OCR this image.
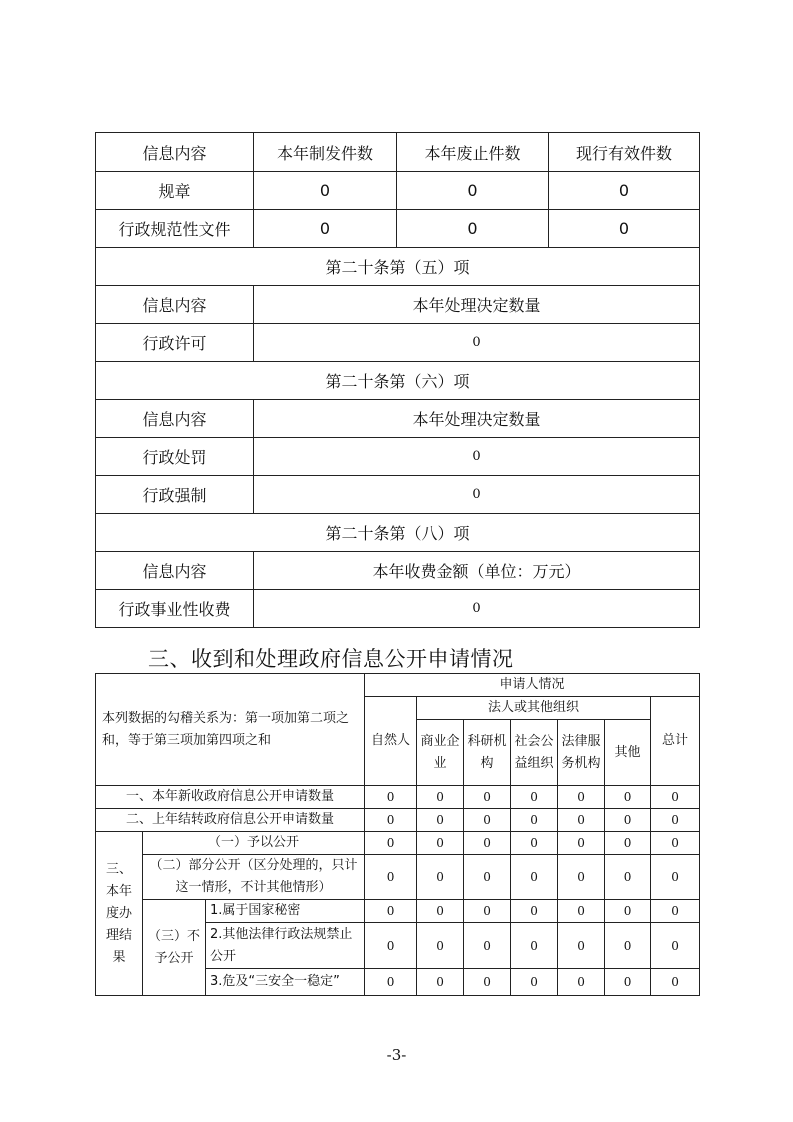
信息内容	本年制发件数	本年废止件数	现行有效件数
规章	0	0	0
行政规范性文件	0	0	0
第二十条第（五）项			
信息内容	本年处理决定数量		
行政许可	0		
第二十条第（六）项			
信息内容	本年处理决定数量		
行政处罚	0		
行政强制	0		
第二十条第（八）项			
信息内容	本年收费金额（单位：万元）		
行政事业性收费	0		
三、收到和处理政府信息公开申请情况
本列数据的勾稽关系为：第一项加第二项之和，等于第三项加第四项之和			申请人情况						
			自然人	法人或其他组织					总计
				商业企业	科研机构	社会公益组织	法律服务机构	其他	
一、本年新收政府信息公开申请数量			0	0	0	0	0	0	0
二、上年结转政府信息公开申请数量			0	0	0	0	0	0	0
三、本年度办理结果	（一）予以公开		0	0	0	0	0	0	0
	（二）部分公开（区分处理的，只计这一情形，不计其他情形）		0	0	0	0	0	0	0
	（三）不予公开	1.属于国家秘密	0	0	0	0	0	0	0
		2.其他法律行政法规禁止公开	0	0	0	0	0	0	0
		3.危及“三安全一稳定”	0	0	0	0	0	0	0
-3-
